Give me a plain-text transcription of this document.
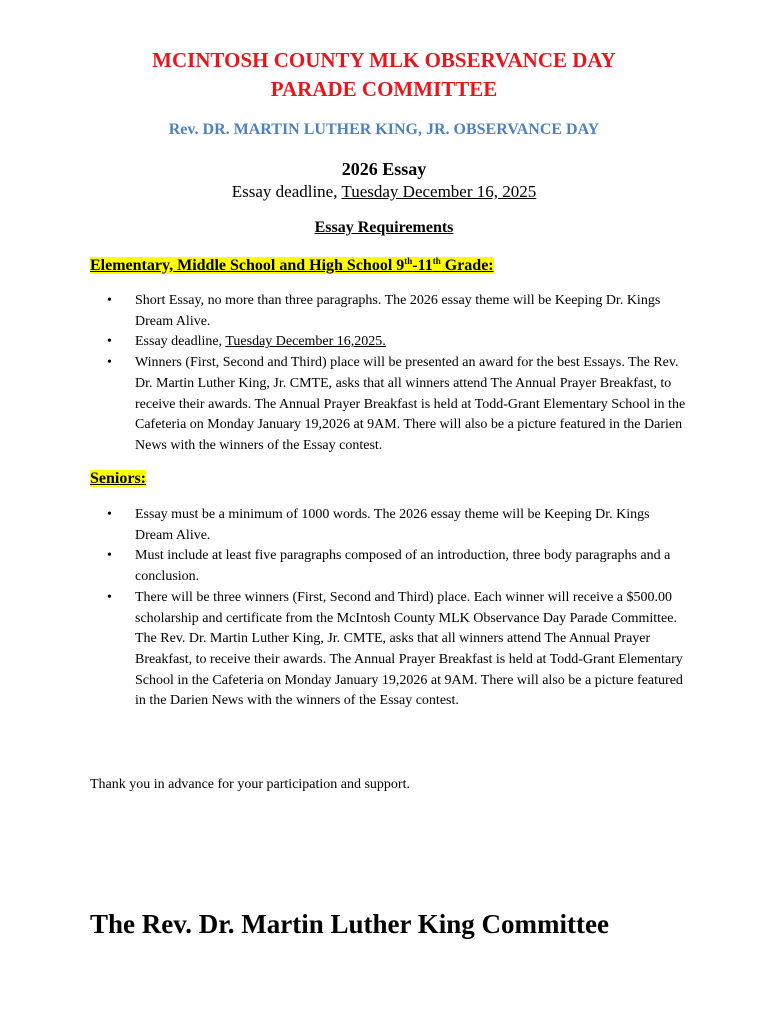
MCINTOSH COUNTY MLK OBSERVANCE DAY
PARADE COMMITTEE
Rev. DR. MARTIN LUTHER KING, JR. OBSERVANCE DAY
2026 Essay
Essay deadline, Tuesday December 16, 2025
Essay Requirements
Elementary, Middle School and High School 9th-11th Grade:
• Short Essay, no more than three paragraphs. The 2026 essay theme will be Keeping Dr. Kings Dream Alive.
• Essay deadline, Tuesday December 16,2025.
• Winners (First, Second and Third) place will be presented an award for the best Essays. The Rev. Dr. Martin Luther King, Jr. CMTE, asks that all winners attend The Annual Prayer Breakfast, to receive their awards. The Annual Prayer Breakfast is held at Todd-Grant Elementary School in the Cafeteria on Monday January 19,2026 at 9AM. There will also be a picture featured in the Darien News with the winners of the Essay contest.
Seniors:
• Essay must be a minimum of 1000 words. The 2026 essay theme will be Keeping Dr. Kings Dream Alive.
• Must include at least five paragraphs composed of an introduction, three body paragraphs and a conclusion.
• There will be three winners (First, Second and Third) place. Each winner will receive a $500.00 scholarship and certificate from the McIntosh County MLK Observance Day Parade Committee. The Rev. Dr. Martin Luther King, Jr. CMTE, asks that all winners attend The Annual Prayer Breakfast, to receive their awards. The Annual Prayer Breakfast is held at Todd-Grant Elementary School in the Cafeteria on Monday January 19,2026 at 9AM. There will also be a picture featured in the Darien News with the winners of the Essay contest.
Thank you in advance for your participation and support.
The Rev. Dr. Martin Luther King Committee
